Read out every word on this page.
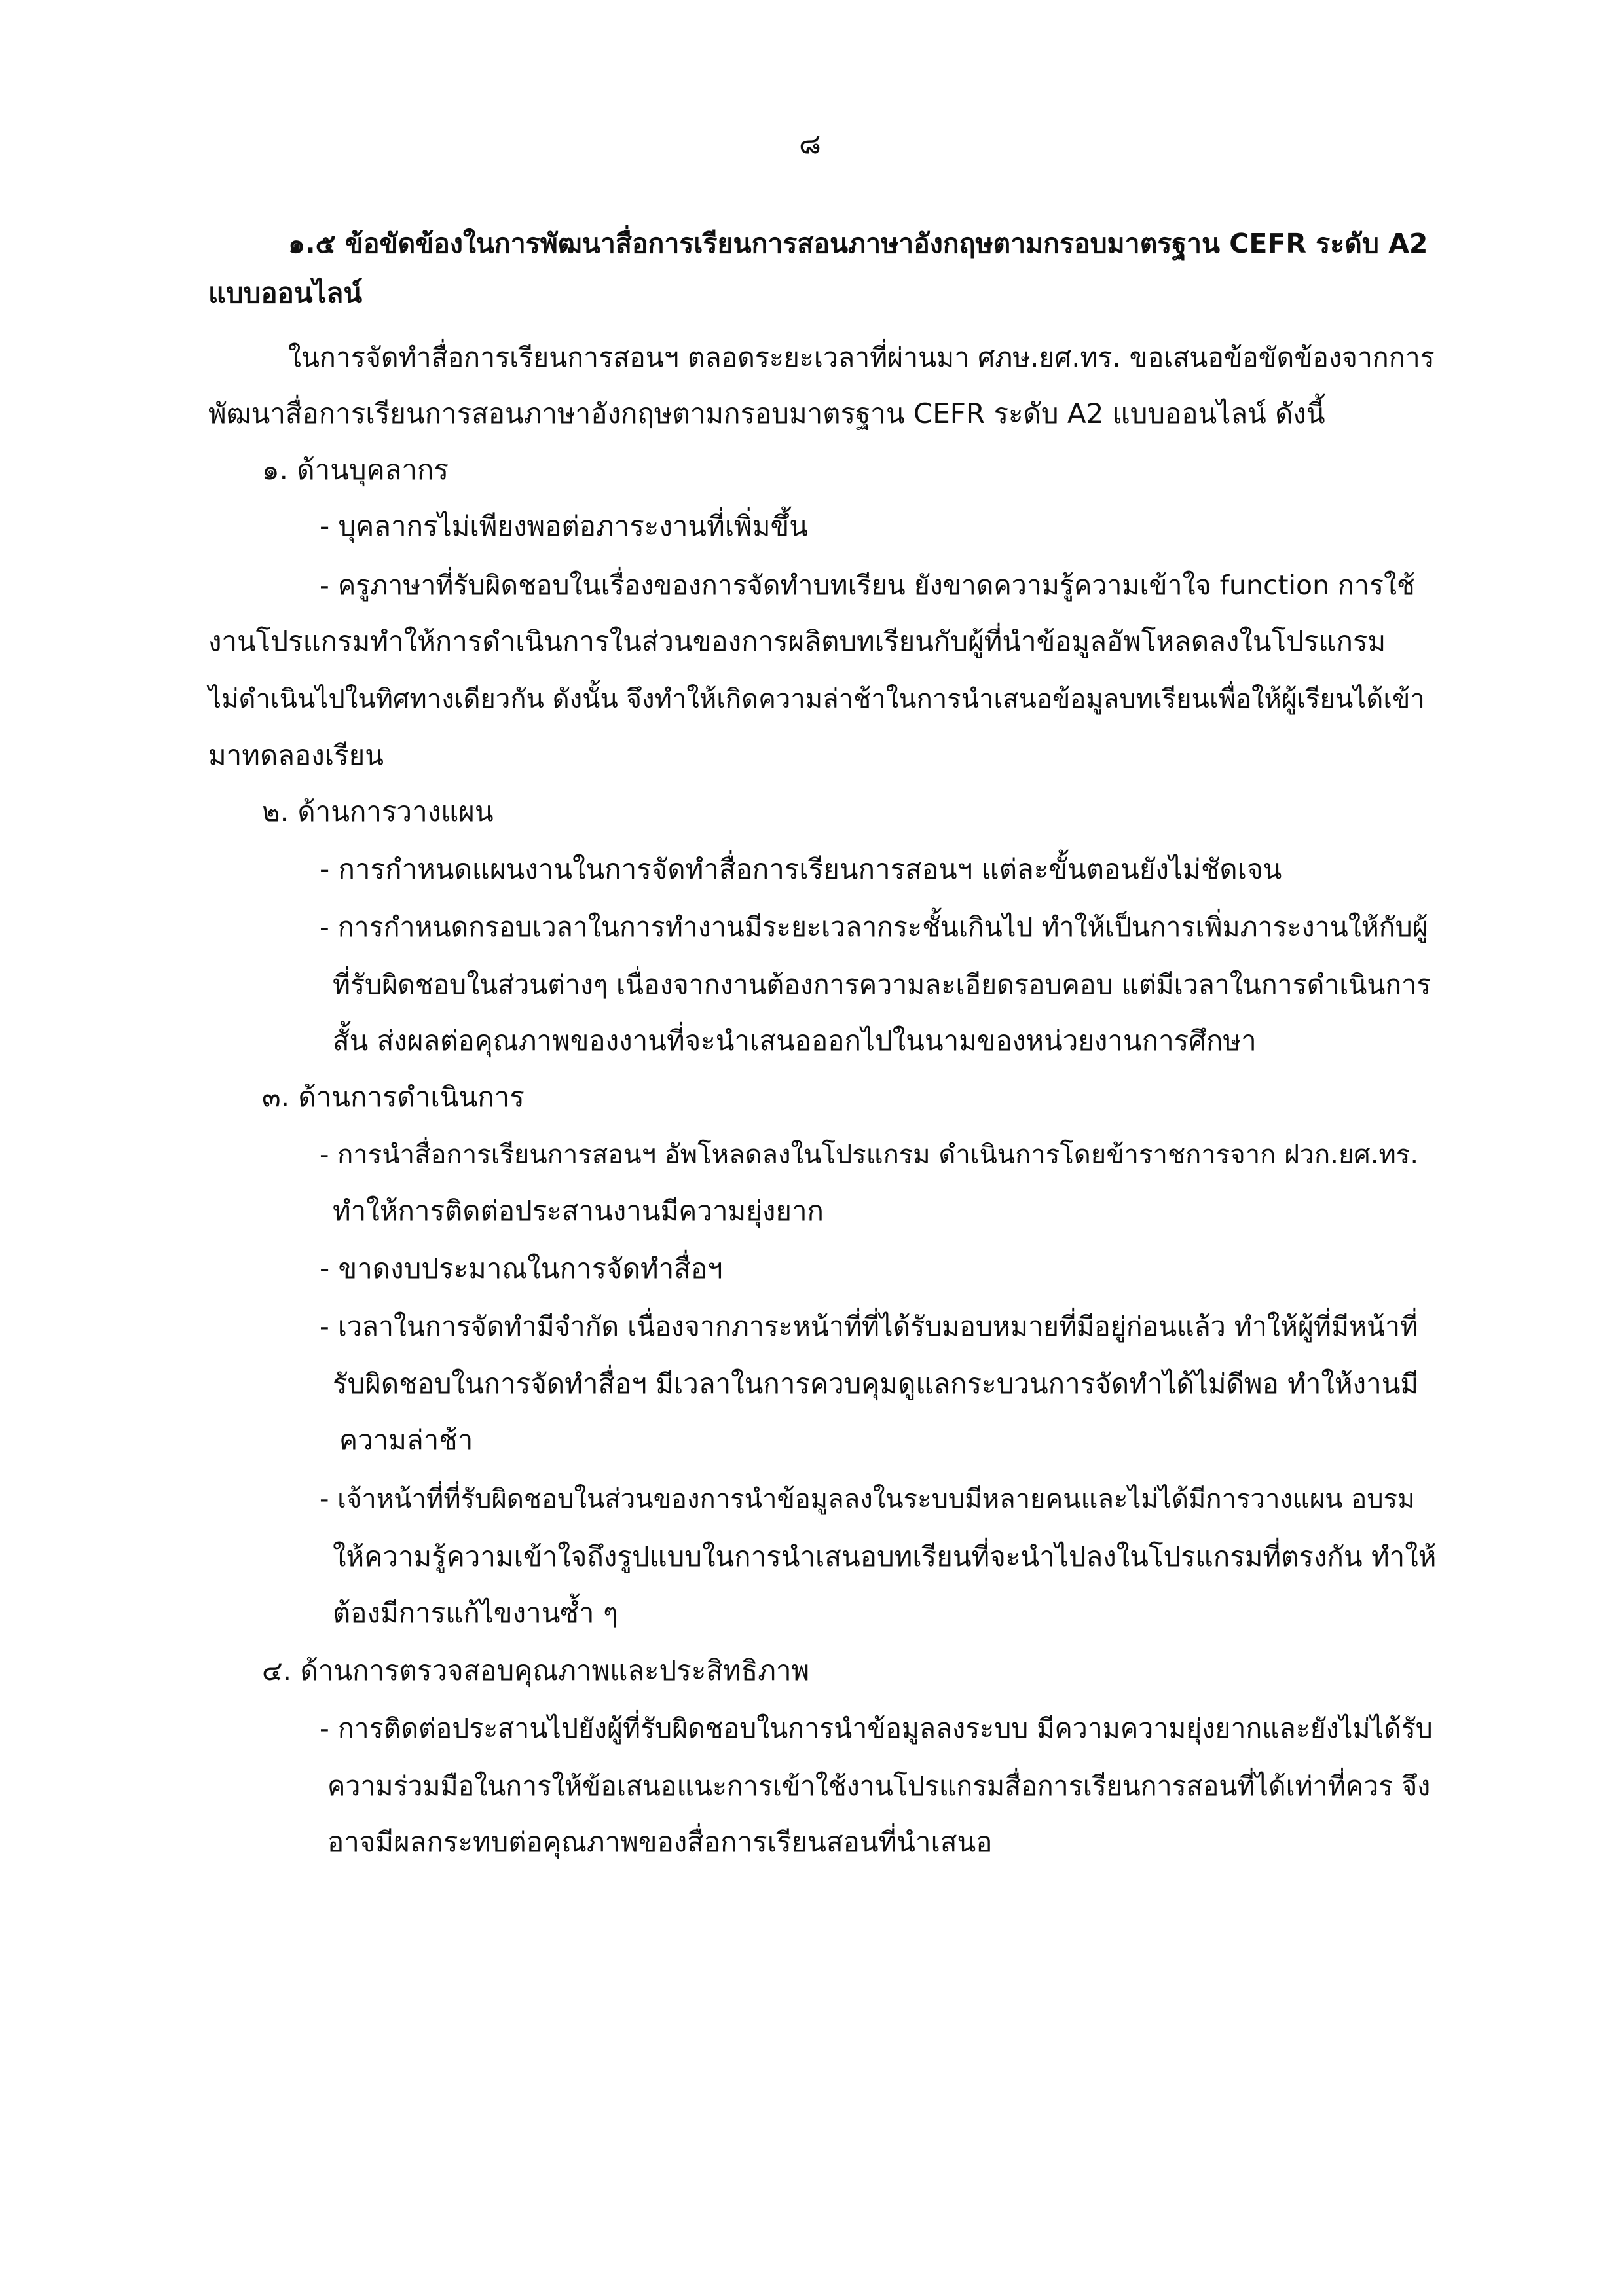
๘
๑.๕ ข้อขัดข้องในการพัฒนาสื่อการเรียนการสอนภาษาอังกฤษตามกรอบมาตรฐาน CEFR ระดับ A2
แบบออนไลน์
ในการจัดทำสื่อการเรียนการสอนฯ ตลอดระยะเวลาที่ผ่านมา ศภษ.ยศ.ทร. ขอเสนอข้อขัดข้องจากการ
พัฒนาสื่อการเรียนการสอนภาษาอังกฤษตามกรอบมาตรฐาน CEFR ระดับ A2 แบบออนไลน์ ดังนี้
๑. ด้านบุคลากร
- บุคลากรไม่เพียงพอต่อภาระงานที่เพิ่มขึ้น
- ครูภาษาที่รับผิดชอบในเรื่องของการจัดทำบทเรียน ยังขาดความรู้ความเข้าใจ function การใช้
งานโปรแกรมทำให้การดำเนินการในส่วนของการผลิตบทเรียนกับผู้ที่นำข้อมูลอัพโหลดลงในโปรแกรม
ไม่ดำเนินไปในทิศทางเดียวกัน ดังนั้น จึงทำให้เกิดความล่าช้าในการนำเสนอข้อมูลบทเรียนเพื่อให้ผู้เรียนได้เข้า
มาทดลองเรียน
๒. ด้านการวางแผน
- การกำหนดแผนงานในการจัดทำสื่อการเรียนการสอนฯ แต่ละขั้นตอนยังไม่ชัดเจน
- การกำหนดกรอบเวลาในการทำงานมีระยะเวลากระชั้นเกินไป ทำให้เป็นการเพิ่มภาระงานให้กับผู้
ที่รับผิดชอบในส่วนต่างๆ เนื่องจากงานต้องการความละเอียดรอบคอบ แต่มีเวลาในการดำเนินการ
สั้น ส่งผลต่อคุณภาพของงานที่จะนำเสนอออกไปในนามของหน่วยงานการศึกษา
๓. ด้านการดำเนินการ
- การนำสื่อการเรียนการสอนฯ อัพโหลดลงในโปรแกรม ดำเนินการโดยข้าราชการจาก ฝวก.ยศ.ทร.
ทำให้การติดต่อประสานงานมีความยุ่งยาก
- ขาดงบประมาณในการจัดทำสื่อฯ
- เวลาในการจัดทำมีจำกัด เนื่องจากภาระหน้าที่ที่ได้รับมอบหมายที่มีอยู่ก่อนแล้ว ทำให้ผู้ที่มีหน้าที่
รับผิดชอบในการจัดทำสื่อฯ มีเวลาในการควบคุมดูแลกระบวนการจัดทำได้ไม่ดีพอ ทำให้งานมี
ความล่าช้า
- เจ้าหน้าที่ที่รับผิดชอบในส่วนของการนำข้อมูลลงในระบบมีหลายคนและไม่ได้มีการวางแผน อบรม
ให้ความรู้ความเข้าใจถึงรูปแบบในการนำเสนอบทเรียนที่จะนำไปลงในโปรแกรมที่ตรงกัน ทำให้
ต้องมีการแก้ไขงานซ้ำ ๆ
๔. ด้านการตรวจสอบคุณภาพและประสิทธิภาพ
- การติดต่อประสานไปยังผู้ที่รับผิดชอบในการนำข้อมูลลงระบบ มีความความยุ่งยากและยังไม่ได้รับ
ความร่วมมือในการให้ข้อเสนอแนะการเข้าใช้งานโปรแกรมสื่อการเรียนการสอนที่ได้เท่าที่ควร จึง
อาจมีผลกระทบต่อคุณภาพของสื่อการเรียนสอนที่นำเสนอ
